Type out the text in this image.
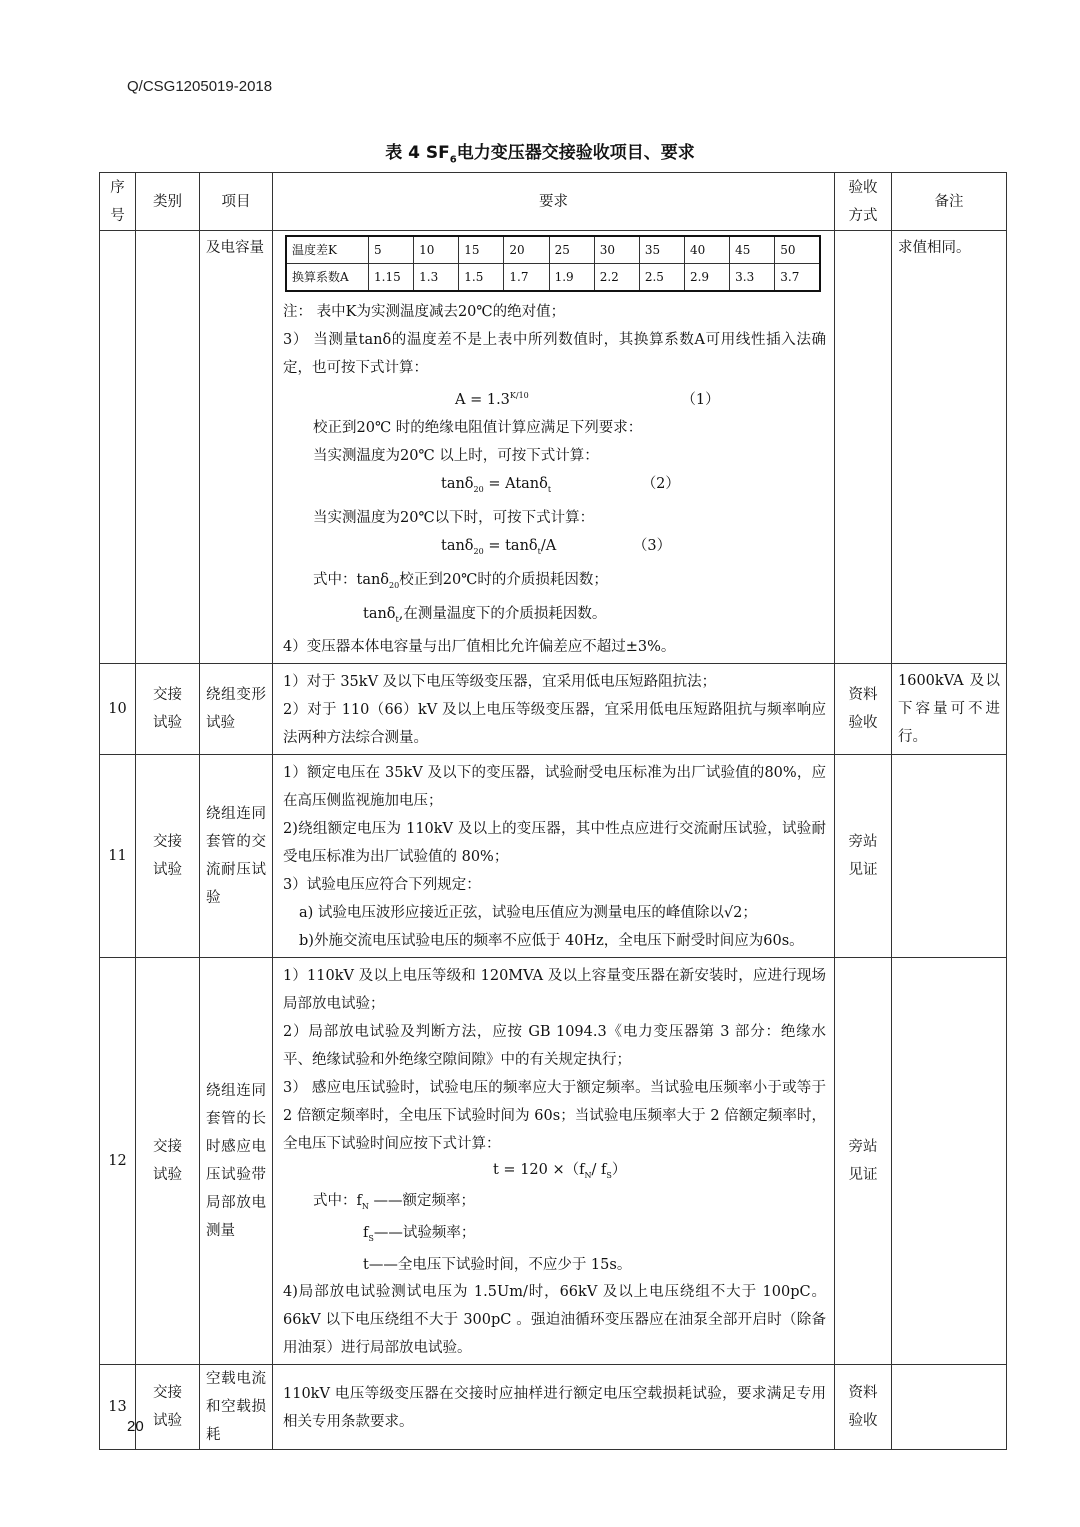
Q/CSG1205019-2018
表 4 $SF_6$电力变压器交接验收项目、要求
序号	类别	项目	要求	验收方式	备注
		及电容量	温度差K	5	10	15	20	25	30	35	40	45	50
换算系数A	1.15	1.3	1.5	1.7	1.9	2.2	2.5	2.9	3.3	3.7

注： 表中K为实测温度减去20℃的绝对值；

3） 当测量tanδ的温度差不是上表中所列数值时，其换算系数A可用线性插入法确定，也可按下式计算：

$A = 1.3^{K/10}$	（1）

校正到20℃ 时的绝缘电阻值计算应满足下列要求：

当实测温度为20℃ 以上时，可按下式计算：

tanδ$_{20}$ = Atanδ$_t$	（2）

当实测温度为20℃以下时，可按下式计算：

tanδ$_{20}$ = tanδ$_t$/A	（3）

式中：tanδ$_{20}$校正到20℃时的介质损耗因数；

tanδ$_t$,在测量温度下的介质损耗因数。

4）变压器本体电容量与出厂值相比允许偏差应不超过±3%。

		求值相同。
10	交接试验	绕组变形试验	

1）对于 35kV 及以下电压等级变压器，宜采用低电压短路阻抗法；

2）对于 110（66）kV 及以上电压等级变压器，宜采用低电压短路阻抗与频率响应法两种方法综合测量。

	资料验收	1600kVA 及以下容量可不进行。
11	交接试验	绕组连同套管的交流耐压试验	

1）额定电压在 35kV 及以下的变压器，试验耐受电压标准为出厂试验值的80%，应在高压侧监视施加电压；

2)绕组额定电压为 110kV 及以上的变压器，其中性点应进行交流耐压试验，试验耐受电压标准为出厂试验值的 80%；

3）试验电压应符合下列规定：

a) 试验电压波形应接近正弦，试验电压值应为测量电压的峰值除以√2；

b)外施交流电压试验电压的频率不应低于 40Hz，全电压下耐受时间应为60s。

	旁站见证	
12	交接试验	绕组连同套管的长时感应电压试验带局部放电测量	

1）110kV 及以上电压等级和 120MVA 及以上容量变压器在新安装时，应进行现场局部放电试验；

2）局部放电试验及判断方法，应按 GB 1094.3《电力变压器第 3 部分：绝缘水平、绝缘试验和外绝缘空隙间隙》中的有关规定执行；

3） 感应电压试验时，试验电压的频率应大于额定频率。当试验电压频率小于或等于 2 倍额定频率时，全电压下试验时间为 60s；当试验电压频率大于 2 倍额定频率时，全电压下试验时间应按下式计算：

$t = 120 \times(f_N/$ $f_S$）

式中：$f_N$ ——额定频率；

$f_S——$试验频率；

t——全电压下试验时间，不应少于 15s。

4)局部放电试验测试电压为 1.5Um/时，66kV 及以上电压绕组不大于 100pC。66kV 以下电压绕组不大于 300pC 。强迫油循环变压器应在油泵全部开启时（除备用油泵）进行局部放电试验。

	旁站见证	
13	交接试验	空载电流和空载损耗	

110kV 电压等级变压器在交接时应抽样进行额定电压空载损耗试验，要求满足专用相关专用条款要求。

	资料验收	
20
